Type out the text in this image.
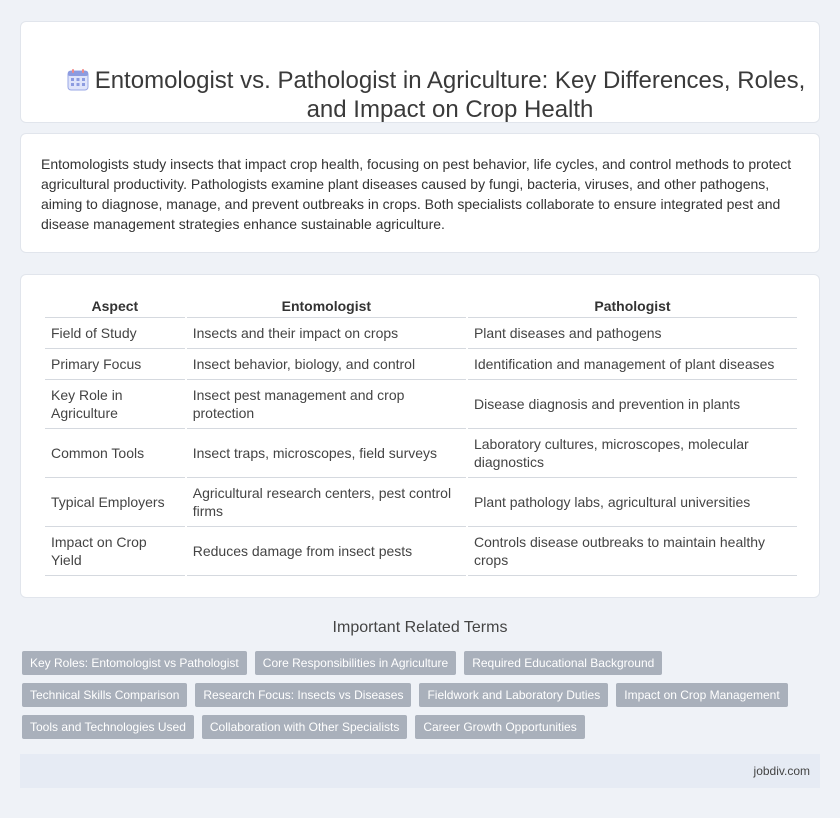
Entomologist vs. Pathologist in Agriculture: Key Differences, Roles, and Impact on Crop Health

Entomologists study insects that impact crop health, focusing on pest behavior, life cycles, and control methods to protect agricultural productivity. Pathologists examine plant diseases caused by fungi, bacteria, viruses, and other pathogens, aiming to diagnose, manage, and prevent outbreaks in crops. Both specialists collaborate to ensure integrated pest and disease management strategies enhance sustainable agriculture.

Aspect	Entomologist	Pathologist
Field of Study	Insects and their impact on crops	Plant diseases and pathogens
Primary Focus	Insect behavior, biology, and control	Identification and management of plant diseases
Key Role in Agriculture	Insect pest management and crop protection	Disease diagnosis and prevention in plants
Common Tools	Insect traps, microscopes, field surveys	Laboratory cultures, microscopes, molecular diagnostics
Typical Employers	Agricultural research centers, pest control firms	Plant pathology labs, agricultural universities
Impact on Crop Yield	Reduces damage from insect pests	Controls disease outbreaks to maintain healthy crops
Important Related Terms
Key Roles: Entomologist vs Pathologist	Core Responsibilities in Agriculture	Required Educational Background
Technical Skills Comparison	Research Focus: Insects vs Diseases	Fieldwork and Laboratory Duties	Impact on Crop Management
Tools and Technologies Used	Collaboration with Other Specialists	Career Growth Opportunities
jobdiv.com
